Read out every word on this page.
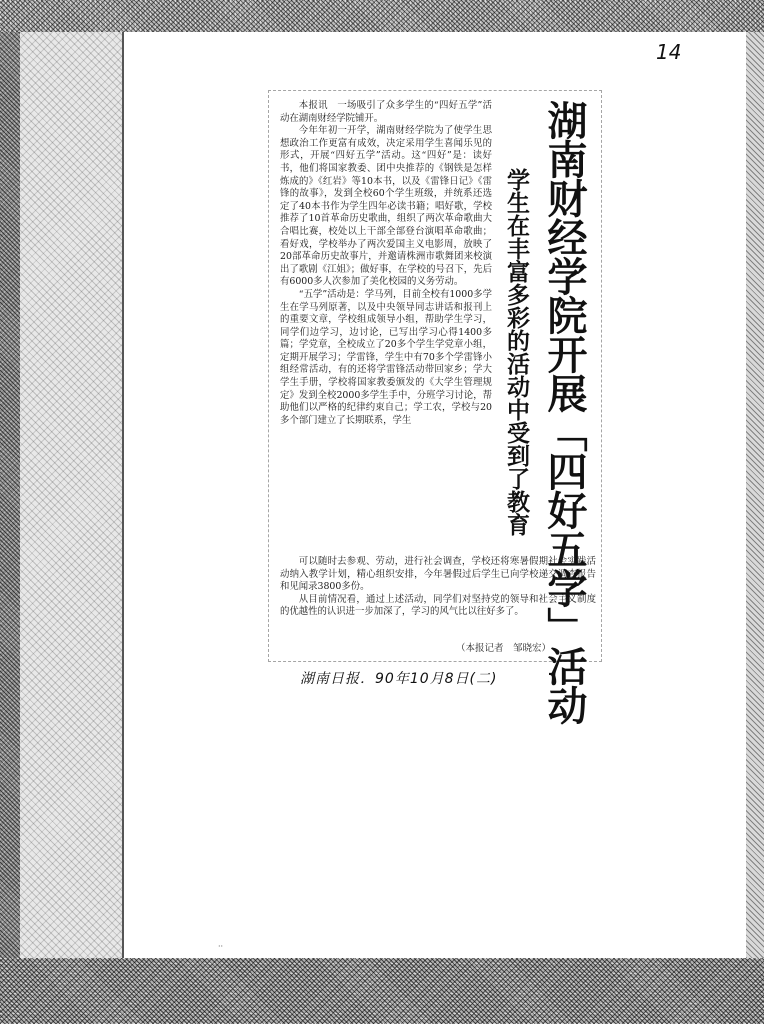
14
湖南财经学院开展「四好五学」活动
学生在丰富多彩的活动中受到了教育

本报讯　一场吸引了众多学生的“四好五学”活动在湖南财经学院铺开。

今年年初一开学，湖南财经学院为了使学生思想政治工作更富有成效，决定采用学生喜闻乐见的形式，开展“四好五学”活动。这“四好”是：读好书，他们将国家教委、团中央推荐的《钢铁是怎样炼成的》《红岩》等10本书，以及《雷锋日记》《雷锋的故事》，发到全校60个学生班级，并统系还选定了40本书作为学生四年必读书籍；唱好歌，学校推荐了10首革命历史歌曲，组织了两次革命歌曲大合唱比赛，校处以上干部全部登台演唱革命歌曲；看好戏，学校举办了两次爱国主义电影周，放映了20部革命历史故事片，并邀请株洲市歌舞团来校演出了歌剧《江姐》；做好事，在学校的号召下，先后有6000多人次参加了美化校园的义务劳动。

“五学”活动是：学马列，目前全校有1000多学生在学马列原著，以及中央领导同志讲话和报刊上的重要文章，学校组成领导小组，帮助学生学习，同学们边学习，边讨论，已写出学习心得1400多篇；学党章，全校成立了20多个学生学党章小组，定期开展学习；学雷锋，学生中有70多个学雷锋小组经常活动，有的还将学雷锋活动带回家乡；学大学生手册，学校将国家教委颁发的《大学生管理规定》发到全校2000多学生手中，分班学习讨论，帮助他们以严格的纪律约束自己；学工农，学校与20多个部门建立了长期联系，学生

可以随时去参观、劳动，进行社会调查，学校还将寒暑假期社会实践活动纳入教学计划，精心组织安排，今年暑假过后学生已向学校递交调查报告和见闻录3800多份。

从目前情况看，通过上述活动，同学们对坚持党的领导和社会主义制度的优越性的认识进一步加深了，学习的风气比以往好多了。

（本报记者　邹晓宏）
湖南日报．90年10月8日(二)
··
